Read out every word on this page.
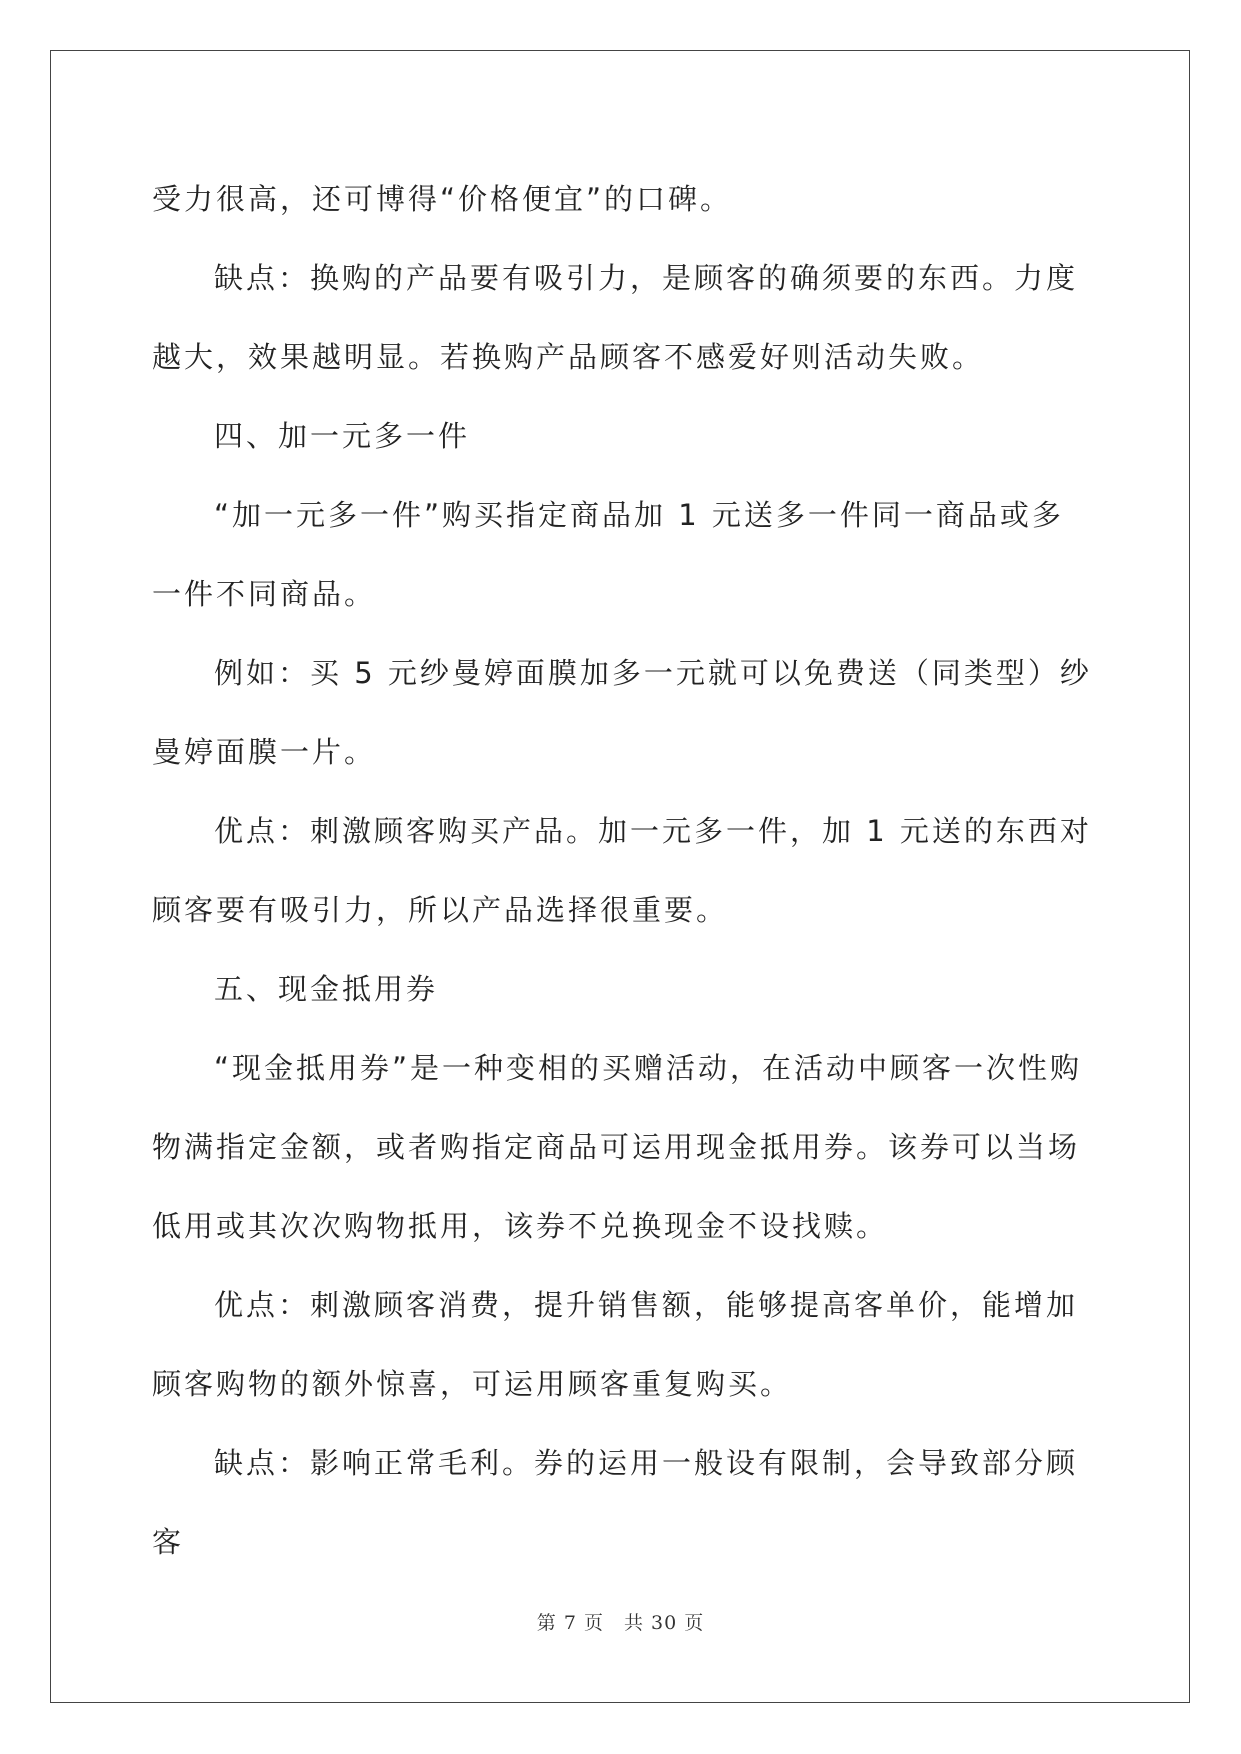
受力很高，还可博得“价格便宜”的口碑。

缺点：换购的产品要有吸引力，是顾客的确须要的东西。力度越大，效果越明显。若换购产品顾客不感爱好则活动失败。

四、加一元多一件

“加一元多一件”购买指定商品加 1 元送多一件同一商品或多一件不同商品。

例如：买 5 元纱曼婷面膜加多一元就可以免费送（同类型）纱曼婷面膜一片。

优点：刺激顾客购买产品。加一元多一件，加 1 元送的东西对顾客要有吸引力，所以产品选择很重要。

五、现金抵用券

“现金抵用券”是一种变相的买赠活动，在活动中顾客一次性购物满指定金额，或者购指定商品可运用现金抵用券。该券可以当场低用或其次次购物抵用，该券不兑换现金不设找赎。

优点：刺激顾客消费，提升销售额，能够提高客单价，能增加顾客购物的额外惊喜，可运用顾客重复购买。

缺点：影响正常毛利。券的运用一般设有限制，会导致部分顾客

第 7 页　共 30 页
